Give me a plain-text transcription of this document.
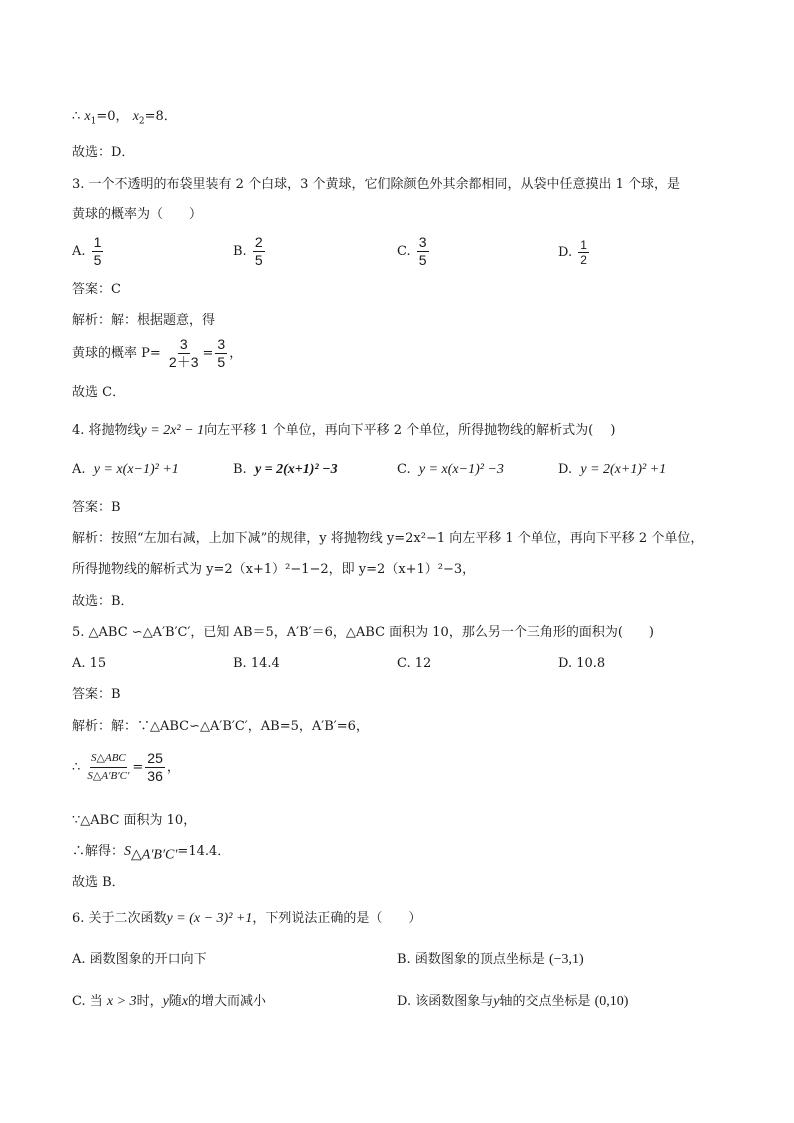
∴ $x_1=0$， $x_2=8$．
故选：D．
3. 一个不透明的布袋里装有 2 个白球，3 个黄球，它们除颜色外其余都相同，从袋中任意摸出 1 个球，是
黄球的概率为（　　）
A. $\frac{1}{5}$	B. $\frac{2}{5}$	C. $\frac{3}{5}$	D. $\frac{1}{2}$
答案：C
解析：解：根据题意，得
黄球的概率 $P= \frac{3}{2+3} = \frac{3}{5}$ ，
故选 C．
4. 将抛物线y = 2x² − 1向左平移 1 个单位，再向下平移 2 个单位，所得抛物线的解析式为(　 )
A. y = x(x−1)² +1	B. y = 2(x+1)² −3	C. y = x(x−1)² −3	D. y = 2(x+1)² +1
答案：B
解析：按照“左加右减，上加下减”的规律，y 将抛物线 y=2x²−1 向左平移 1 个单位，再向下平移 2 个单位，
所得抛物线的解析式为 y=2（x+1）²−1−2，即 y=2（x+1）²−3，
故选：B．
5. △ABC ∽△A′B′C′，已知 AB＝5，A′B′＝6，△ABC 面积为 10，那么另一个三角形的面积为(　　)
A. 15	B. 14.4	C. 12	D. 10.8
答案：B
解析：解：∵△ABC∽△A′B′C′，AB=5，A′B′=6，
∴ $\frac{\text{S△ABC}}{S\triangle A'B'C'} = \frac{25}{36}$ ，
∵△ABC 面积为 10，
∴解得：$S_{\triangle A'B'C'}=14.4$．
故选 B．
6. 关于二次函数y = (x − 3)² +1，下列说法正确的是（　　）
A. 函数图象的开口向下	B. 函数图象的顶点坐标是 (−3,1)
C. 当 x > 3时，y随x的增大而减小	D. 该函数图象与y轴的交点坐标是 (0,10)
